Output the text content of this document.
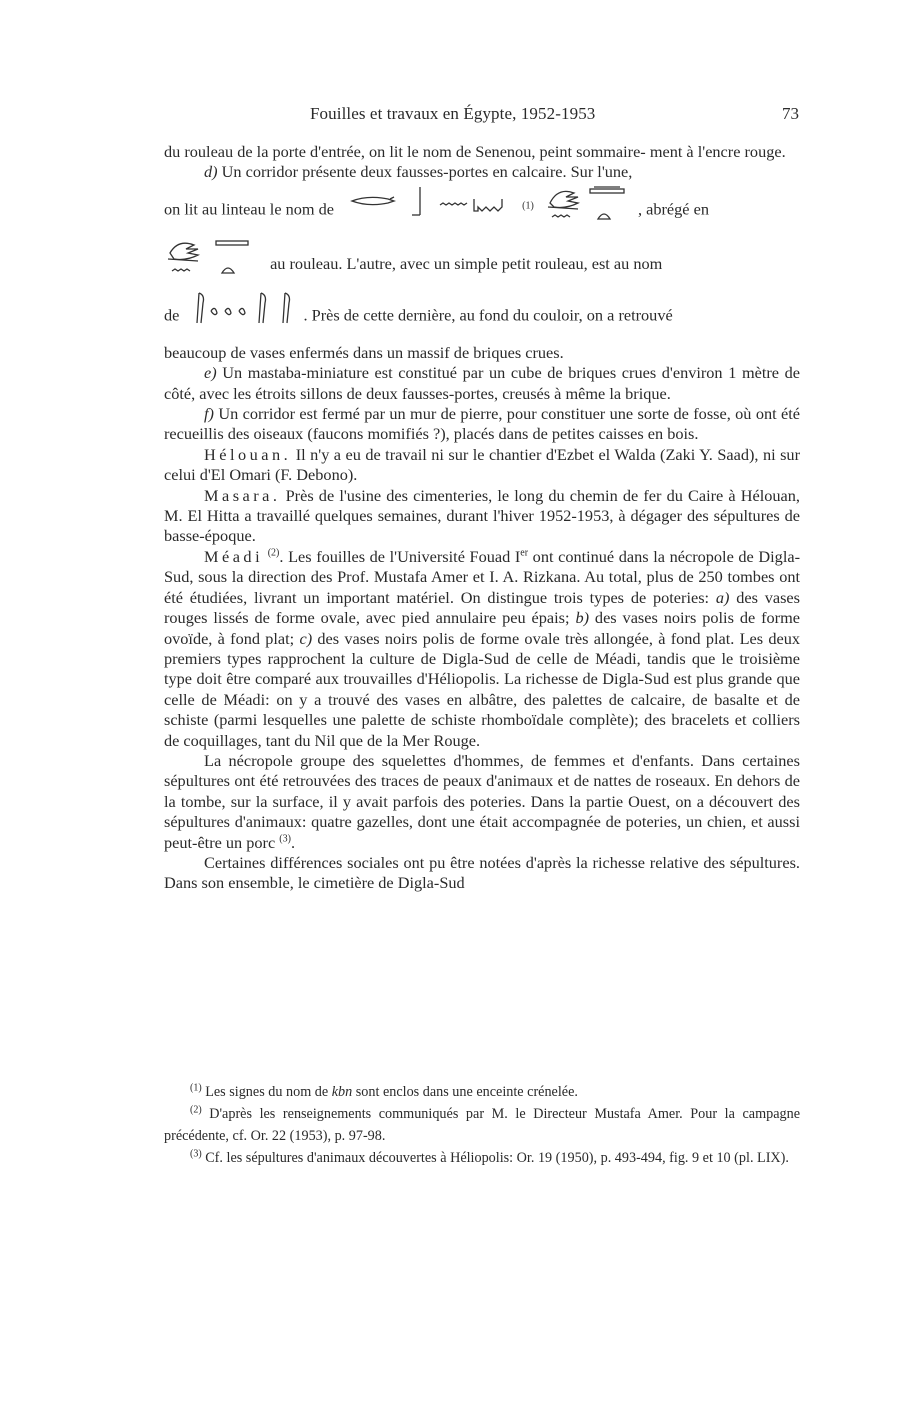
Fouilles et travaux en Égypte, 1952-1953	73

du rouleau de la porte d'entrée, on lit le nom de Senenou, peint sommaire- ment à l'encre rouge.

d) Un corridor présente deux fausses-portes en calcaire. Sur l'une,

on lit au linteau le nom de	$^{(1)}$	, abrégé en
au rouleau. L'autre, avec un simple petit rouleau, est au nom
de	. Près de cette dernière, au fond du couloir, on a retrouvé

beaucoup de vases enfermés dans un massif de briques crues.

e) Un mastaba-miniature est constitué par un cube de briques crues d'environ 1 mètre de côté, avec les étroits sillons de deux fausses-portes, creusés à même la brique.

f) Un corridor est fermé par un mur de pierre, pour constituer une sorte de fosse, où ont été recueillis des oiseaux (faucons momifiés ?), placés dans de petites caisses en bois.

Hélouan. Il n'y a eu de travail ni sur le chantier d'Ezbet el Walda (Zaki Y. Saad), ni sur celui d'El Omari (F. Debono).

Masara. Près de l'usine des cimenteries, le long du chemin de fer du Caire à Hélouan, M. El Hitta a travaillé quelques semaines, durant l'hiver 1952-1953, à dégager des sépultures de basse-époque.

Méadi $^{(2)}$. Les fouilles de l'Université Fouad Ier ont continué dans la nécropole de Digla-Sud, sous la direction des Prof. Mustafa Amer et I. A. Rizkana. Au total, plus de 250 tombes ont été étudiées, livrant un important matériel. On distingue trois types de poteries: a) des vases rouges lissés de forme ovale, avec pied annulaire peu épais; b) des vases noirs polis de forme ovoïde, à fond plat; c) des vases noirs polis de forme ovale très allongée, à fond plat. Les deux premiers types rapprochent la culture de Digla-Sud de celle de Méadi, tandis que le troisième type doit être comparé aux trouvailles d'Héliopolis. La richesse de Digla-Sud est plus grande que celle de Méadi: on y a trouvé des vases en albâtre, des palettes de calcaire, de basalte et de schiste (parmi lesquelles une palette de schiste rhomboïdale complète); des bracelets et colliers de coquillages, tant du Nil que de la Mer Rouge.

La nécropole groupe des squelettes d'hommes, de femmes et d'enfants. Dans certaines sépultures ont été retrouvées des traces de peaux d'animaux et de nattes de roseaux. En dehors de la tombe, sur la surface, il y avait parfois des poteries. Dans la partie Ouest, on a découvert des sépultures d'animaux: quatre gazelles, dont une était accompagnée de poteries, un chien, et aussi peut-être un porc $^{(3)}$.

Certaines différences sociales ont pu être notées d'après la richesse relative des sépultures. Dans son ensemble, le cimetière de Digla-Sud

$^{(1)}$ Les signes du nom de kbn sont enclos dans une enceinte crénelée.

$^{(2)}$ D'après les renseignements communiqués par M. le Directeur Mustafa Amer. Pour la campagne précédente, cf. Or. 22 (1953), p. 97-98.

$^{(3)}$ Cf. les sépultures d'animaux découvertes à Héliopolis: Or. 19 (1950), p. 493-494, fig. 9 et 10 (pl. LIX).
